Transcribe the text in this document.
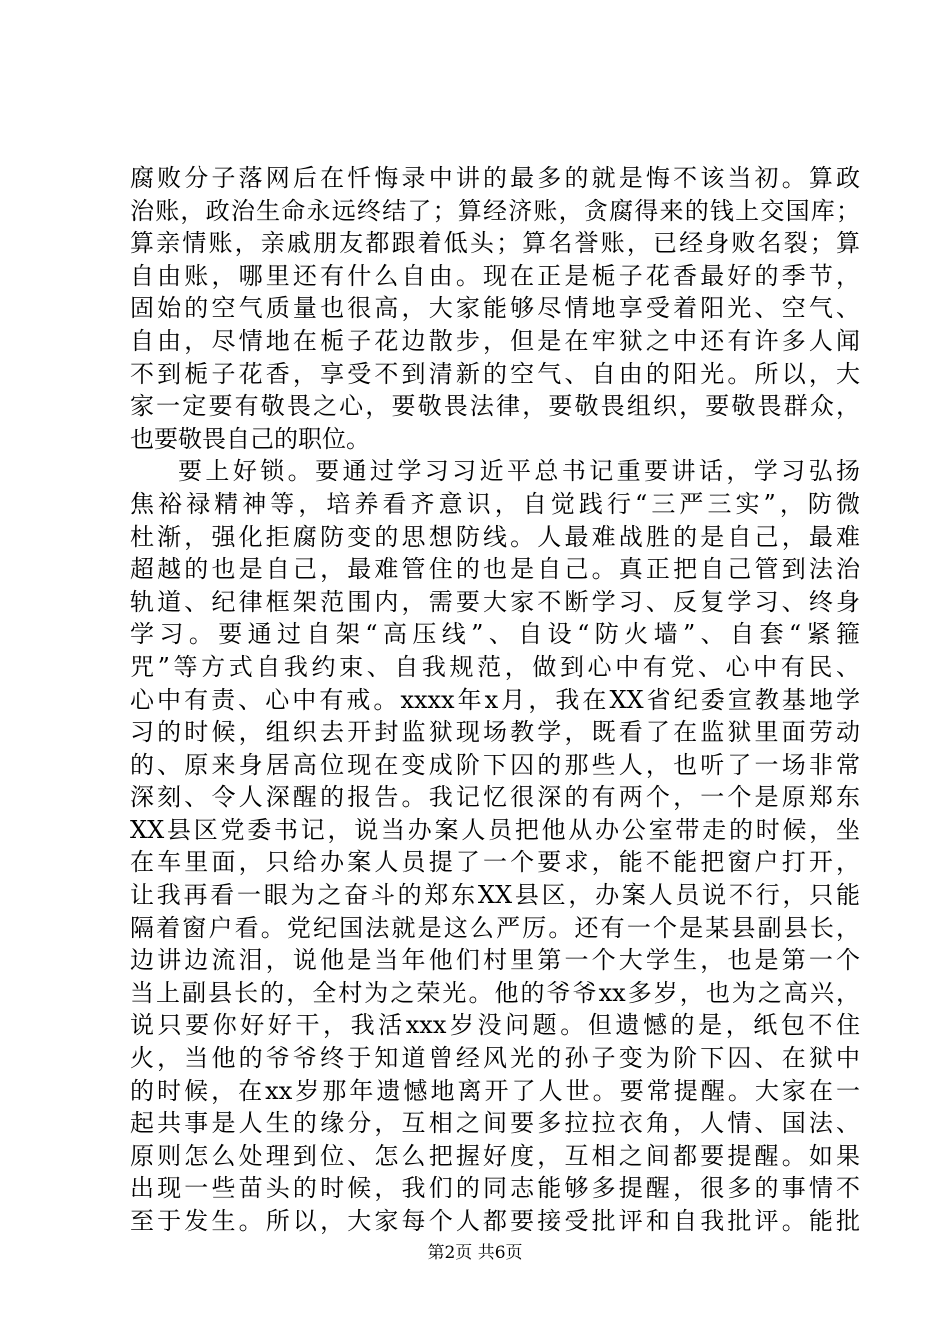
腐败分子落网后在忏悔录中讲的最多的就是悔不该当初。算政
治账，政治生命永远终结了；算经济账，贪腐得来的钱上交国库；
算亲情账，亲戚朋友都跟着低头；算名誉账，已经身败名裂；算
自由账，哪里还有什么自由。现在正是栀子花香最好的季节，
固始的空气质量也很高，大家能够尽情地享受着阳光、空气、
自由，尽情地在栀子花边散步，但是在牢狱之中还有许多人闻
不到栀子花香，享受不到清新的空气、自由的阳光。所以，大
家一定要有敬畏之心，要敬畏法律，要敬畏组织，要敬畏群众，
也要敬畏自己的职位。
要上好锁。要通过学习习近平总书记重要讲话，学习弘扬
焦裕禄精神等，培养看齐意识，自觉践行“三严三实”，防微
杜渐，强化拒腐防变的思想防线。人最难战胜的是自己，最难
超越的也是自己，最难管住的也是自己。真正把自己管到法治
轨道、纪律框架范围内，需要大家不断学习、反复学习、终身
学习。要通过自架“高压线”、自设“防火墙”、自套“紧箍
咒”等方式自我约束、自我规范，做到心中有党、心中有民、
心中有责、心中有戒。xxxx年x月，我在XX省纪委宣教基地学
习的时候，组织去开封监狱现场教学，既看了在监狱里面劳动
的、原来身居高位现在变成阶下囚的那些人，也听了一场非常
深刻、令人深醒的报告。我记忆很深的有两个，一个是原郑东
XX县区党委书记，说当办案人员把他从办公室带走的时候，坐
在车里面，只给办案人员提了一个要求，能不能把窗户打开，
让我再看一眼为之奋斗的郑东XX县区，办案人员说不行，只能
隔着窗户看。党纪国法就是这么严厉。还有一个是某县副县长，
边讲边流泪，说他是当年他们村里第一个大学生，也是第一个
当上副县长的，全村为之荣光。他的爷爷xx多岁，也为之高兴，
说只要你好好干，我活xxx岁没问题。但遗憾的是，纸包不住
火，当他的爷爷终于知道曾经风光的孙子变为阶下囚、在狱中
的时候，在xx岁那年遗憾地离开了人世。要常提醒。大家在一
起共事是人生的缘分，互相之间要多拉拉衣角，人情、国法、
原则怎么处理到位、怎么把握好度，互相之间都要提醒。如果
出现一些苗头的时候，我们的同志能够多提醒，很多的事情不
至于发生。所以，大家每个人都要接受批评和自我批评。能批
第2页 共6页
